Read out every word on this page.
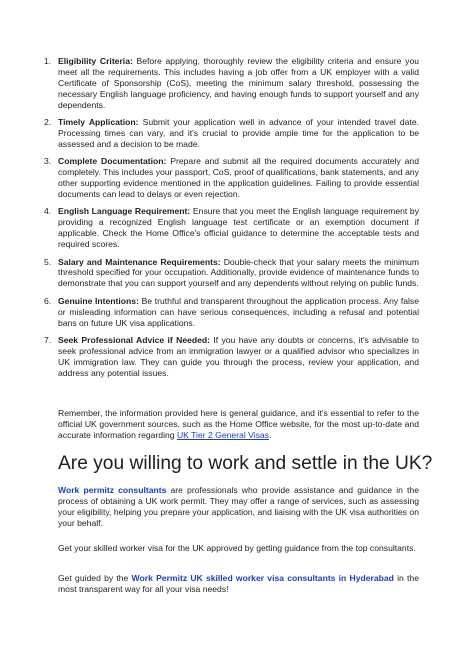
1. Eligibility Criteria: Before applying, thoroughly review the eligibility criteria and ensure you meet all the requirements. This includes having a job offer from a UK employer with a valid Certificate of Sponsorship (CoS), meeting the minimum salary threshold, possessing the necessary English language proficiency, and having enough funds to support yourself and any dependents.
2. Timely Application: Submit your application well in advance of your intended travel date. Processing times can vary, and it's crucial to provide ample time for the application to be assessed and a decision to be made.
3. Complete Documentation: Prepare and submit all the required documents accurately and completely. This includes your passport, CoS, proof of qualifications, bank statements, and any other supporting evidence mentioned in the application guidelines. Failing to provide essential documents can lead to delays or even rejection.
4. English Language Requirement: Ensure that you meet the English language requirement by providing a recognized English language test certificate or an exemption document if applicable. Check the Home Office's official guidance to determine the acceptable tests and required scores.
5. Salary and Maintenance Requirements: Double-check that your salary meets the minimum threshold specified for your occupation. Additionally, provide evidence of maintenance funds to demonstrate that you can support yourself and any dependents without relying on public funds.
6. Genuine Intentions: Be truthful and transparent throughout the application process. Any false or misleading information can have serious consequences, including a refusal and potential bans on future UK visa applications.
7. Seek Professional Advice if Needed: If you have any doubts or concerns, it's advisable to seek professional advice from an immigration lawyer or a qualified advisor who specializes in UK immigration law. They can guide you through the process, review your application, and address any potential issues.

Remember, the information provided here is general guidance, and it's essential to refer to the official UK government sources, such as the Home Office website, for the most up-to-date and accurate information regarding UK Tier 2 General Visas.

Are you willing to work and settle in the UK?

Work permitz consultants are professionals who provide assistance and guidance in the process of obtaining a UK work permit. They may offer a range of services, such as assessing your eligibility, helping you prepare your application, and liaising with the UK visa authorities on your behalf.

Get your skilled worker visa for the UK approved by getting guidance from the top consultants.

Get guided by the Work Permitz UK skilled worker visa consultants in Hyderabad in the most transparent way for all your visa needs!
